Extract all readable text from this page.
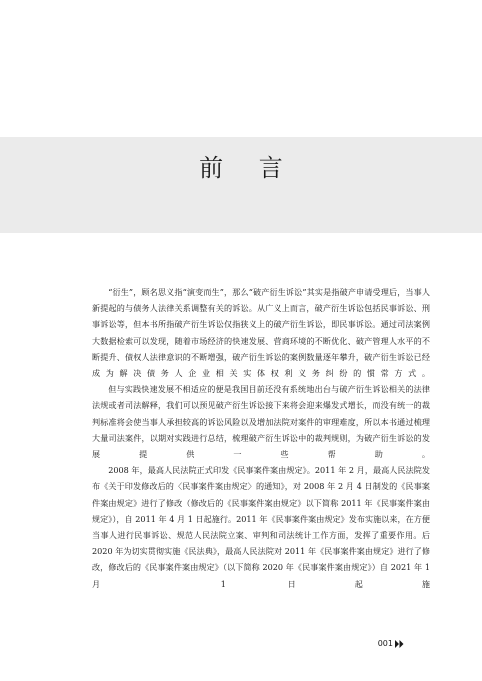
前 言

“衍生”，顾名思义指“演变而生”，那么“破产衍生诉讼”其实是指破产申请受理后，当事人新提起的与债务人法律关系调整有关的诉讼。从广义上而言，破产衍生诉讼包括民事诉讼、刑事诉讼等，但本书所指破产衍生诉讼仅指狭义上的破产衍生诉讼，即民事诉讼。通过司法案例大数据检索可以发现，随着市场经济的快速发展、营商环境的不断优化、破产管理人水平的不断提升、债权人法律意识的不断增强，破产衍生诉讼的案例数量逐年攀升，破产衍生诉讼已经成为解决债务人企业相关实体权利义务纠纷的惯常方式。

但与实践快速发展不相适应的便是我国目前还没有系统地出台与破产衍生诉讼相关的法律法规或者司法解释，我们可以预见破产衍生诉讼接下来将会迎来爆发式增长，而没有统一的裁判标准将会使当事人承担较高的诉讼风险以及增加法院对案件的审理难度，所以本书通过梳理大量司法案件，以期对实践进行总结，梳理破产衍生诉讼中的裁判规则，为破产衍生诉讼的发展提供一些帮助。

2008 年，最高人民法院正式印发《民事案件案由规定》。2011 年 2 月，最高人民法院发布《关于印发修改后的〈民事案件案由规定〉的通知》，对 2008 年 2 月 4 日制发的《民事案件案由规定》进行了修改（修改后的《民事案件案由规定》以下简称 2011 年《民事案件案由规定》），自 2011 年 4 月 1 日起施行。2011 年《民事案件案由规定》发布实施以来，在方便当事人进行民事诉讼、规范人民法院立案、审判和司法统计工作方面，发挥了重要作用。后 2020 年为切实贯彻实施《民法典》，最高人民法院对 2011 年《民事案件案由规定》进行了修改，修改后的《民事案件案由规定》（以下简称 2020 年《民事案件案由规定》）自 2021 年 1 月 1 日起施

001
